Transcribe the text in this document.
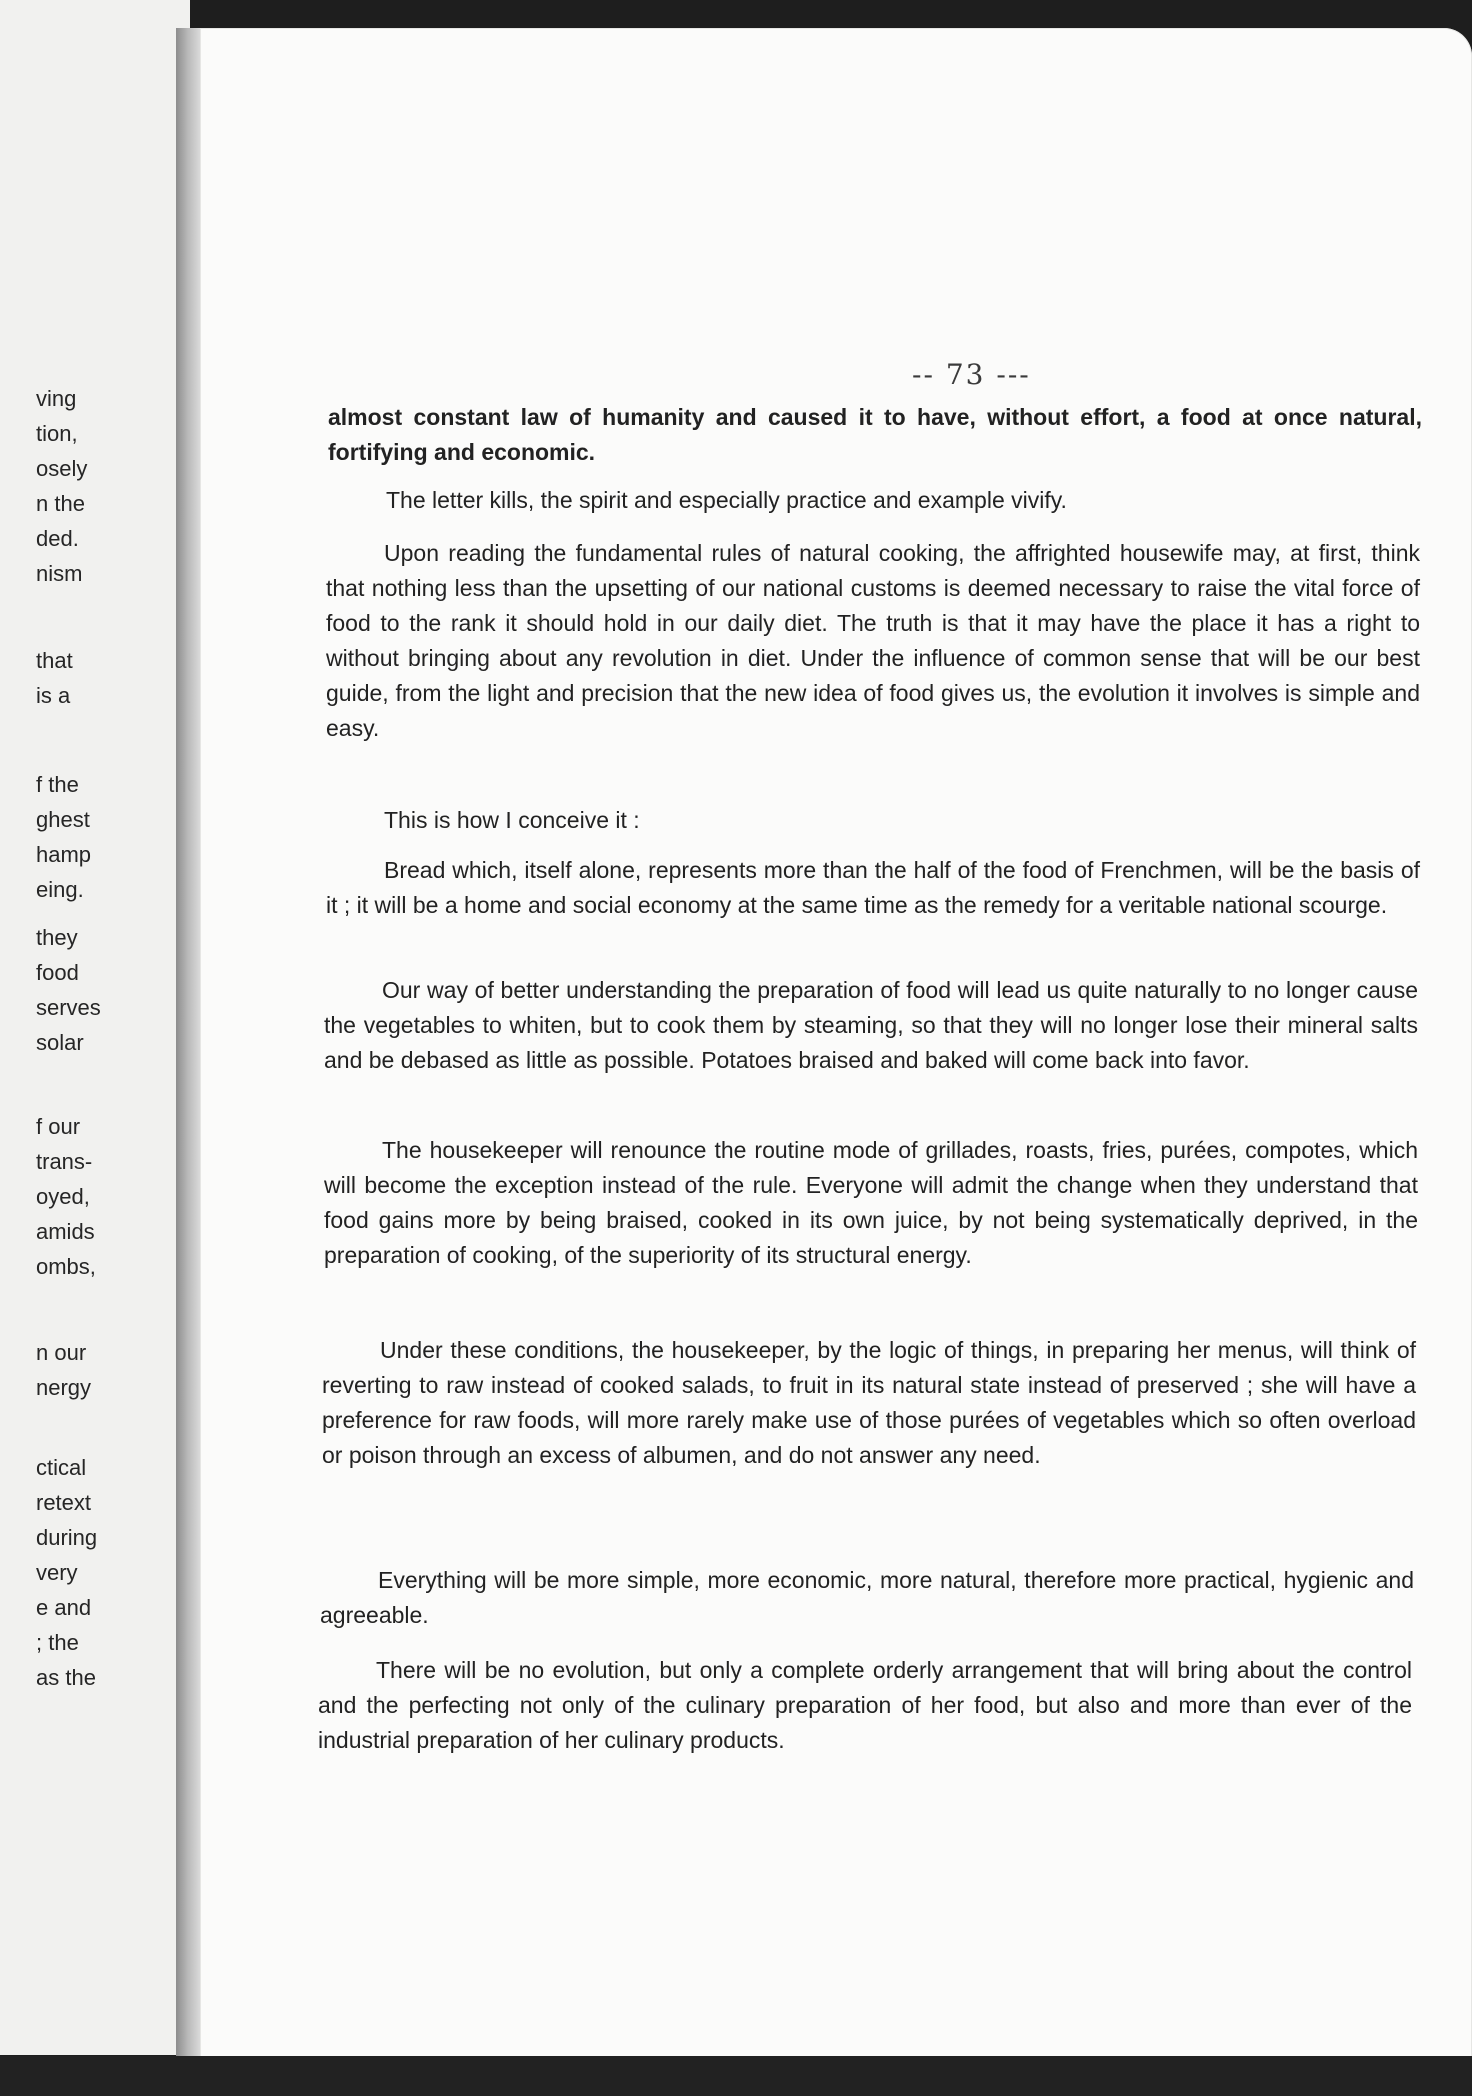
ving
tion,
osely
n the
ded.
nism
that
is a
f the
ghest
hamp
eing.
they
food
serves
solar
f our
trans-
oyed,
amids
ombs,
n our
nergy
ctical
retext
during
very
e and
; the
as the
-- 73 ---

almost constant law of humanity and caused it to have, without effort, a food at once natural, fortifying and economic.

The letter kills, the spirit and especially practice and example vivify.

Upon reading the fundamental rules of natural cooking, the affrighted housewife may, at first, think that nothing less than the upsetting of our national customs is deemed necessary to raise the vital force of food to the rank it should hold in our daily diet. The truth is that it may have the place it has a right to without bringing about any revolution in diet. Under the influence of common sense that will be our best guide, from the light and precision that the new idea of food gives us, the evolution it involves is simple and easy.

This is how I conceive it :

Bread which, itself alone, represents more than the half of the food of Frenchmen, will be the basis of it ; it will be a home and social economy at the same time as the remedy for a veritable national scourge.

Our way of better understanding the preparation of food will lead us quite naturally to no longer cause the vegetables to whiten, but to cook them by steaming, so that they will no longer lose their mineral salts and be debased as little as possible. Potatoes braised and baked will come back into favor.

The housekeeper will renounce the routine mode of grillades, roasts, fries, purées, compotes, which will become the exception instead of the rule. Everyone will admit the change when they understand that food gains more by being braised, cooked in its own juice, by not being systematically deprived, in the preparation of cooking, of the superiority of its structural energy.

Under these conditions, the housekeeper, by the logic of things, in preparing her menus, will think of reverting to raw instead of cooked salads, to fruit in its natural state instead of preserved ; she will have a preference for raw foods, will more rarely make use of those purées of vegetables which so often overload or poison through an excess of albumen, and do not answer any need.

Everything will be more simple, more economic, more natural, therefore more practical, hygienic and agreeable.

There will be no evolution, but only a complete orderly arrangement that will bring about the control and the perfecting not only of the culinary preparation of her food, but also and more than ever of the industrial preparation of her culinary products.
